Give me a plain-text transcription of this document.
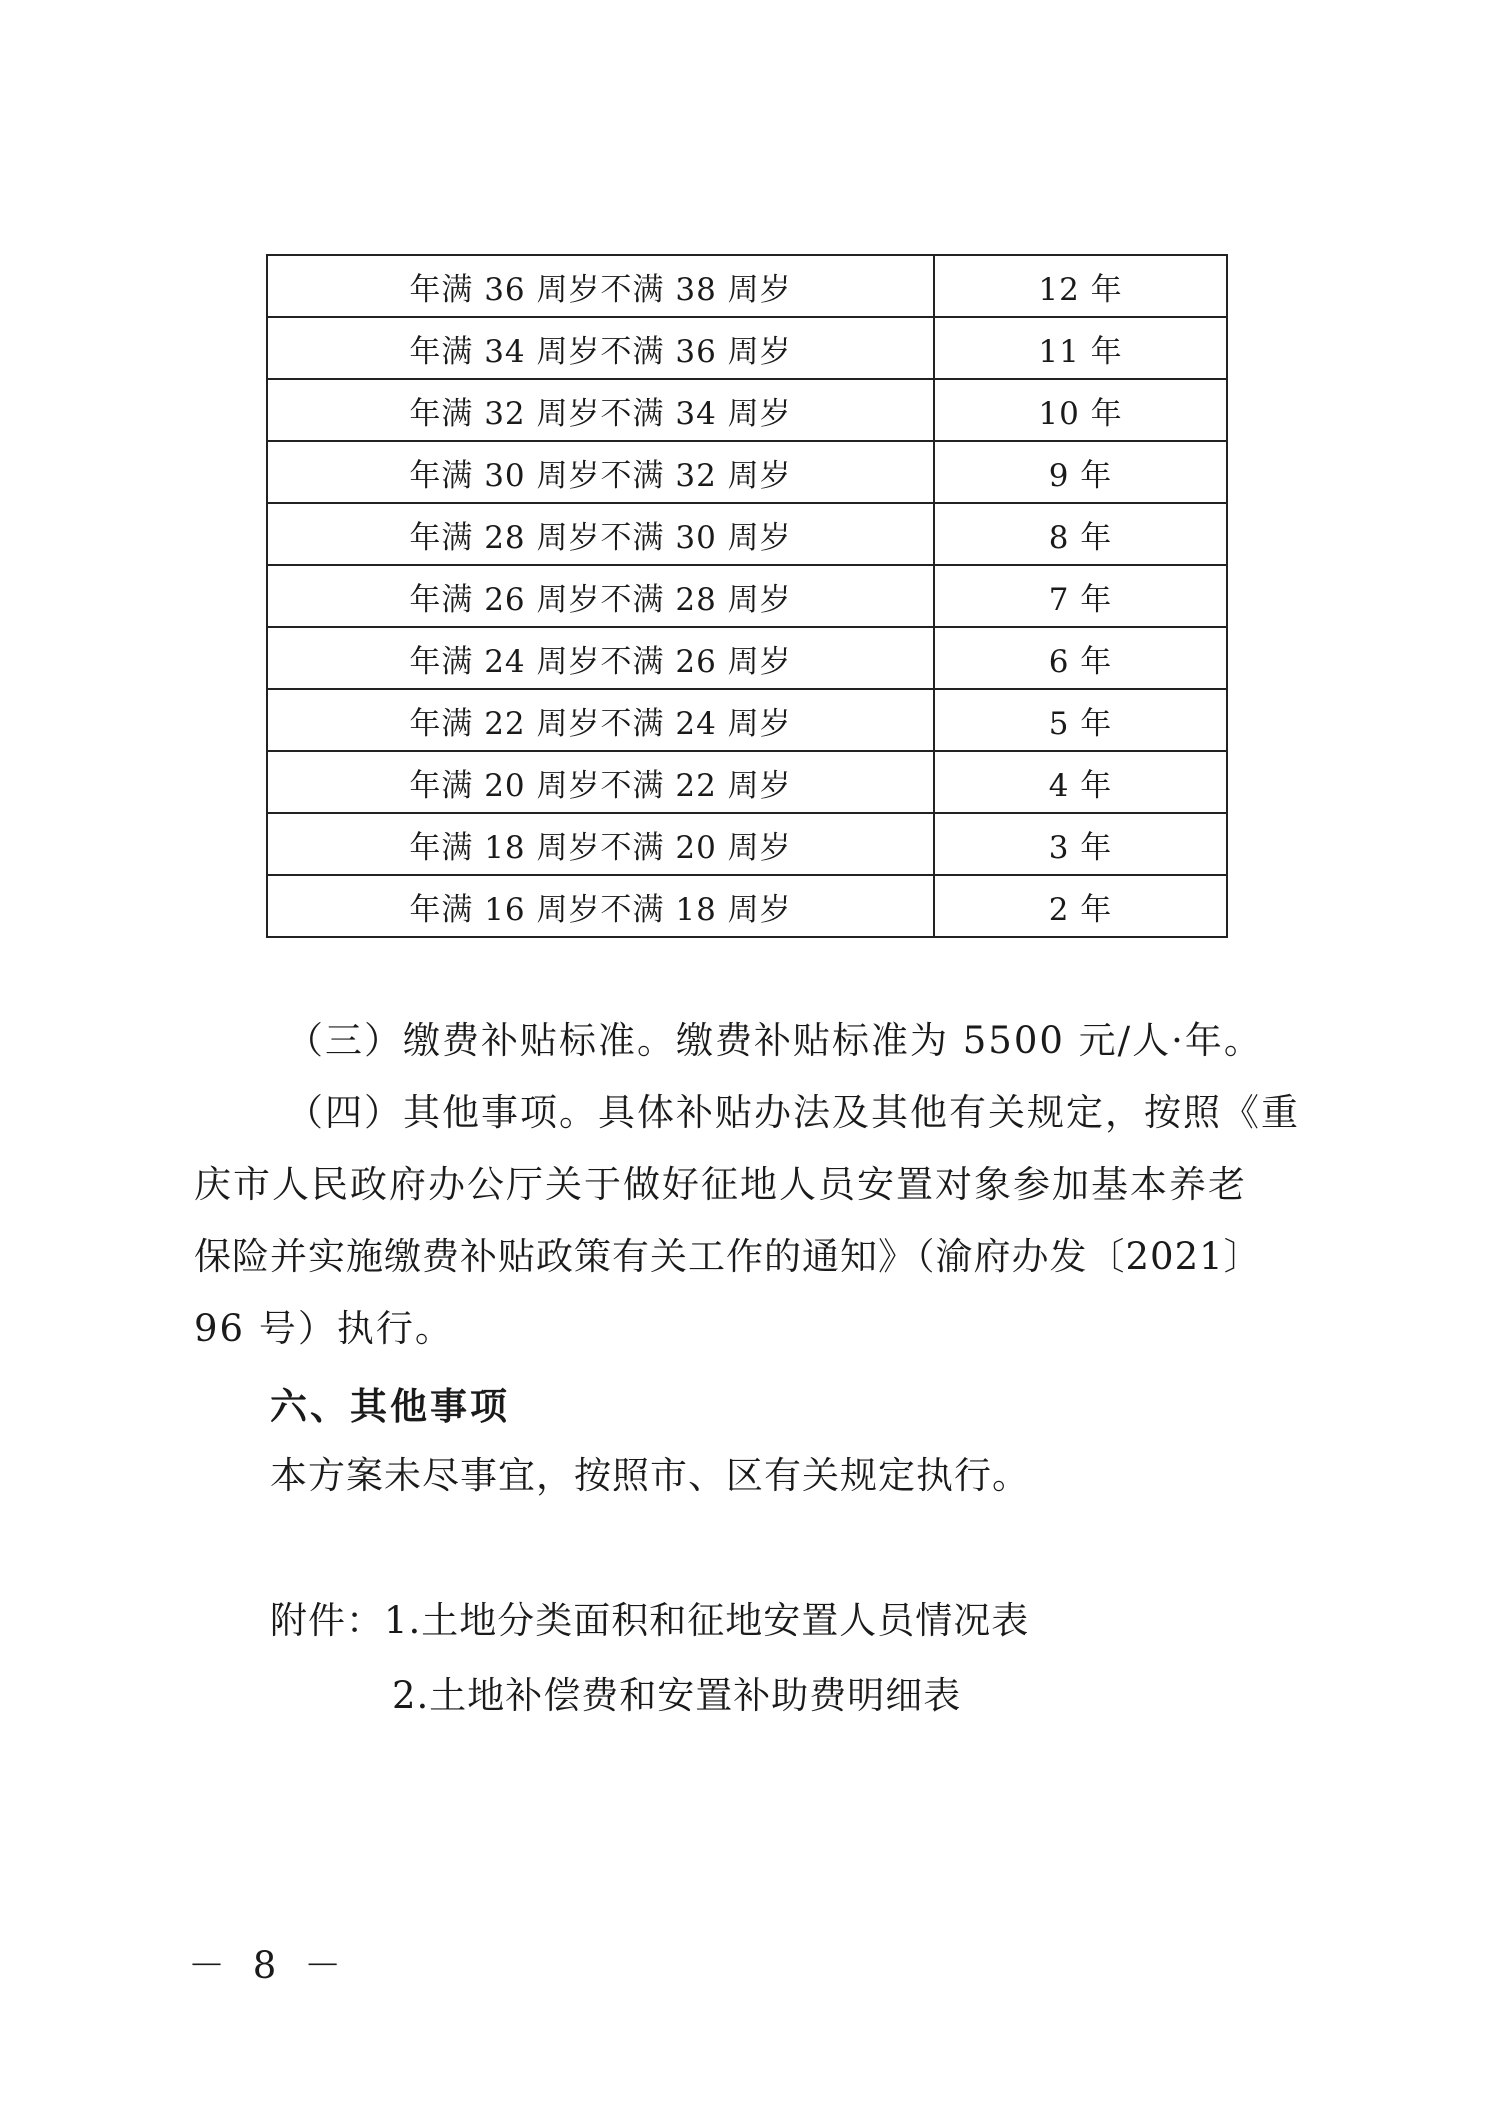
年满 36 周岁不满 38 周岁	12 年
年满 34 周岁不满 36 周岁	11 年
年满 32 周岁不满 34 周岁	10 年
年满 30 周岁不满 32 周岁	9 年
年满 28 周岁不满 30 周岁	8 年
年满 26 周岁不满 28 周岁	7 年
年满 24 周岁不满 26 周岁	6 年
年满 22 周岁不满 24 周岁	5 年
年满 20 周岁不满 22 周岁	4 年
年满 18 周岁不满 20 周岁	3 年
年满 16 周岁不满 18 周岁	2 年

（三）缴费补贴标准。缴费补贴标准为 5500 元/人·年。

（四）其他事项。具体补贴办法及其他有关规定，按照《重

庆市人民政府办公厅关于做好征地人员安置对象参加基本养老

保险并实施缴费补贴政策有关工作的通知》（渝府办发〔2021〕

96 号）执行。

六、其他事项

本方案未尽事宜，按照市、区有关规定执行。

附件：1.土地分类面积和征地安置人员情况表
2.土地补偿费和安置补助费明细表
－ 8 －
